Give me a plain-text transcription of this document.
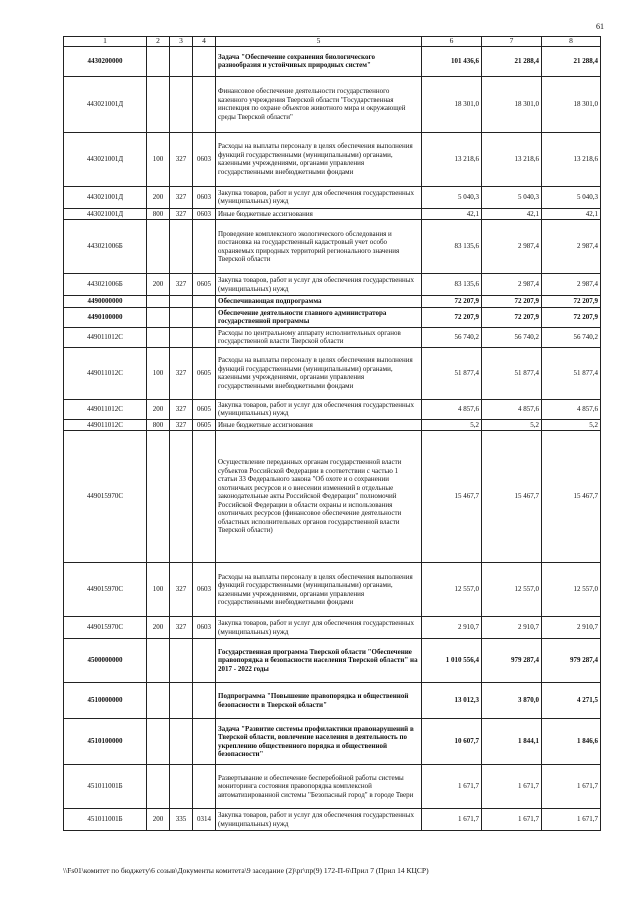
61
1	2	3	4	5	6	7	8
4430200000				Задача "Обеспечение сохранения биологического разнообразия и устойчивых природных систем"	101 436,6	21 288,4	21 288,4
443021001Д				Финансовое обеспечение деятельности государственного казенного учреждения Тверской области "Государственная инспекция по охране объектов животного мира и окружающей среды Тверской области"	18 301,0	18 301,0	18 301,0
443021001Д	100	327	0603	Расходы на выплаты персоналу в целях обеспечения выполнения функций государственными (муниципальными) органами, казенными учреждениями, органами управления государственными внебюджетными фондами	13 218,6	13 218,6	13 218,6
443021001Д	200	327	0603	Закупка товаров, работ и услуг для обеспечения государственных (муниципальных) нужд	5 040,3	5 040,3	5 040,3
443021001Д	800	327	0603	Иные бюджетные ассигнования	42,1	42,1	42,1
443021006Б				Проведение комплексного экологического обследования и постановка на государственный кадастровый учет особо охраняемых природных территорий регионального значения Тверской области	83 135,6	2 987,4	2 987,4
443021006Б	200	327	0605	Закупка товаров, работ и услуг для обеспечения государственных (муниципальных) нужд	83 135,6	2 987,4	2 987,4
4490000000				Обеспечивающая подпрограмма	72 207,9	72 207,9	72 207,9
4490100000				Обеспечение деятельности главного администратора государственной программы	72 207,9	72 207,9	72 207,9
449011012С				Расходы по центральному аппарату исполнительных органов государственной власти Тверской области	56 740,2	56 740,2	56 740,2
449011012С	100	327	0605	Расходы на выплаты персоналу в целях обеспечения выполнения функций государственными (муниципальными) органами, казенными учреждениями, органами управления государственными внебюджетными фондами	51 877,4	51 877,4	51 877,4
449011012С	200	327	0605	Закупка товаров, работ и услуг для обеспечения государственных (муниципальных) нужд	4 857,6	4 857,6	4 857,6
449011012С	800	327	0605	Иные бюджетные ассигнования	5,2	5,2	5,2
449015970С				Осуществление переданных органам государственной власти субъектов Российской Федерации в соответствии с частью 1 статьи 33 Федерального закона "Об охоте и о сохранении охотничьих ресурсов и о внесении изменений в отдельные законодательные акты Российской Федерации" полномочий Российской Федерации в области охраны и использования охотничьих ресурсов (финансовое обеспечение деятельности областных исполнительных органов государственной власти Тверской области)	15 467,7	15 467,7	15 467,7
449015970С	100	327	0603	Расходы на выплаты персоналу в целях обеспечения выполнения функций государственными (муниципальными) органами, казенными учреждениями, органами управления государственными внебюджетными фондами	12 557,0	12 557,0	12 557,0
449015970С	200	327	0603	Закупка товаров, работ и услуг для обеспечения государственных (муниципальных) нужд	2 910,7	2 910,7	2 910,7
4500000000				Государственная программа Тверской области "Обеспечение правопорядка и безопасности населения Тверской области" на 2017 - 2022 годы	1 010 556,4	979 287,4	979 287,4
4510000000				Подпрограмма "Повышение правопорядка и общественной безопасности в Тверской области"	13 012,3	3 870,0	4 271,5
4510100000				Задача "Развитие системы профилактики правонарушений в Тверской области, вовлечение населения в деятельность по укреплению общественного порядка и общественной безопасности"	10 607,7	1 844,1	1 846,6
451011001Б				Развертывание и обеспечение бесперебойной работы системы мониторинга состояния правопорядка комплексной автоматизированной системы "Безопасный город" в городе Твери	1 671,7	1 671,7	1 671,7
451011001Б	200	335	0314	Закупка товаров, работ и услуг для обеспечения государственных (муниципальных) нужд	1 671,7	1 671,7	1 671,7
\\Fs01\комитет по бюджету\6 созыв\Документы комитета\9 заседание (2)\рг\пр(9) 172-П-6\Прил 7 (Прил 14 КЦСР)
